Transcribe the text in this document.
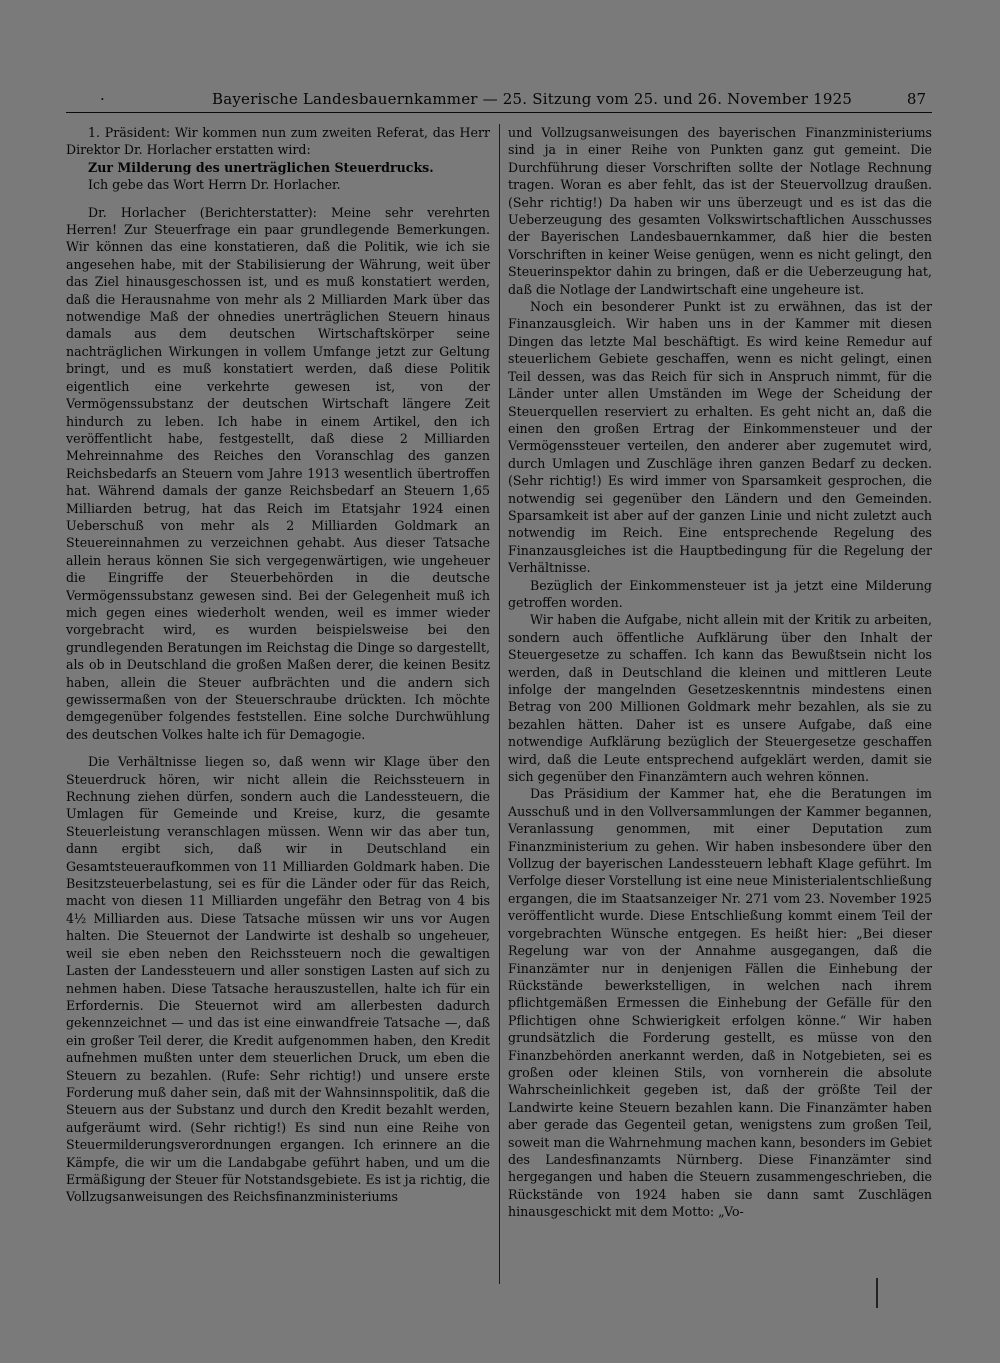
·	Bayerische Landesbauernkammer — 25. Sitzung vom 25. und 26. November 1925	87

1. Präsident: Wir kommen nun zum zweiten Referat, das Herr Direktor Dr. Horlacher erstatten wird:

Zur Milderung des unerträglichen Steuerdrucks.

Ich gebe das Wort Herrn Dr. Horlacher.

Dr. Horlacher (Berichterstatter): Meine sehr verehrten Herren! Zur Steuerfrage ein paar grundlegende Bemerkungen. Wir können das eine konstatieren, daß die Politik, wie ich sie angesehen habe, mit der Stabilisierung der Währung, weit über das Ziel hinausgeschossen ist, und es muß konstatiert werden, daß die Herausnahme von mehr als 2 Milliarden Mark über das notwendige Maß der ohnedies unerträglichen Steuern hinaus damals aus dem deutschen Wirtschaftskörper seine nachträglichen Wirkungen in vollem Umfange jetzt zur Geltung bringt, und es muß konstatiert werden, daß diese Politik eigentlich eine verkehrte gewesen ist, von der Vermögenssubstanz der deutschen Wirtschaft längere Zeit hindurch zu leben. Ich habe in einem Artikel, den ich veröffentlicht habe, festgestellt, daß diese 2 Milliarden Mehreinnahme des Reiches den Voranschlag des ganzen Reichsbedarfs an Steuern vom Jahre 1913 wesentlich übertroffen hat. Während damals der ganze Reichsbedarf an Steuern 1,65 Milliarden betrug, hat das Reich im Etatsjahr 1924 einen Ueberschuß von mehr als 2 Milliarden Goldmark an Steuereinnahmen zu verzeichnen gehabt. Aus dieser Tatsache allein heraus können Sie sich vergegenwärtigen, wie ungeheuer die Eingriffe der Steuerbehörden in die deutsche Vermögenssubstanz gewesen sind. Bei der Gelegenheit muß ich mich gegen eines wiederholt wenden, weil es immer wieder vorgebracht wird, es wurden beispielsweise bei den grundlegenden Beratungen im Reichstag die Dinge so dargestellt, als ob in Deutschland die großen Maßen derer, die keinen Besitz haben, allein die Steuer aufbrächten und die andern sich gewissermaßen von der Steuerschraube drückten. Ich möchte demgegenüber folgendes feststellen. Eine solche Durchwühlung des deutschen Volkes halte ich für Demagogie.

Die Verhältnisse liegen so, daß wenn wir Klage über den Steuerdruck hören, wir nicht allein die Reichssteuern in Rechnung ziehen dürfen, sondern auch die Landessteuern, die Umlagen für Gemeinde und Kreise, kurz, die gesamte Steuerleistung veranschlagen müssen. Wenn wir das aber tun, dann ergibt sich, daß wir in Deutschland ein Gesamtsteueraufkommen von 11 Milliarden Goldmark haben. Die Besitzsteuerbelastung, sei es für die Länder oder für das Reich, macht von diesen 11 Milliarden ungefähr den Betrag von 4 bis 4½ Milliarden aus. Diese Tatsache müssen wir uns vor Augen halten. Die Steuernot der Landwirte ist deshalb so ungeheuer, weil sie eben neben den Reichssteuern noch die gewaltigen Lasten der Landessteuern und aller sonstigen Lasten auf sich zu nehmen haben. Diese Tatsache herauszustellen, halte ich für ein Erfordernis. Die Steuernot wird am allerbesten dadurch gekennzeichnet — und das ist eine einwandfreie Tatsache —, daß ein großer Teil derer, die Kredit aufgenommen haben, den Kredit aufnehmen mußten unter dem steuerlichen Druck, um eben die Steuern zu bezahlen. (Rufe: Sehr richtig!) und unsere erste Forderung muß daher sein, daß mit der Wahnsinnspolitik, daß die Steuern aus der Substanz und durch den Kredit bezahlt werden, aufgeräumt wird. (Sehr richtig!) Es sind nun eine Reihe von Steuermilderungsverordnungen ergangen. Ich erinnere an die Kämpfe, die wir um die Landabgabe geführt haben, und um die Ermäßigung der Steuer für Notstandsgebiete. Es ist ja richtig, die Vollzugsanweisungen des Reichsfinanzministeriums

und Vollzugsanweisungen des bayerischen Finanzministeriums sind ja in einer Reihe von Punkten ganz gut gemeint. Die Durchführung dieser Vorschriften sollte der Notlage Rechnung tragen. Woran es aber fehlt, das ist der Steuervollzug draußen. (Sehr richtig!) Da haben wir uns überzeugt und es ist das die Ueberzeugung des gesamten Volkswirtschaftlichen Ausschusses der Bayerischen Landesbauernkammer, daß hier die besten Vorschriften in keiner Weise genügen, wenn es nicht gelingt, den Steuerinspektor dahin zu bringen, daß er die Ueberzeugung hat, daß die Notlage der Landwirtschaft eine ungeheure ist.

Noch ein besonderer Punkt ist zu erwähnen, das ist der Finanzausgleich. Wir haben uns in der Kammer mit diesen Dingen das letzte Mal beschäftigt. Es wird keine Remedur auf steuerlichem Gebiete geschaffen, wenn es nicht gelingt, einen Teil dessen, was das Reich für sich in Anspruch nimmt, für die Länder unter allen Umständen im Wege der Scheidung der Steuerquellen reserviert zu erhalten. Es geht nicht an, daß die einen den großen Ertrag der Einkommensteuer und der Vermögenssteuer verteilen, den anderer aber zugemutet wird, durch Umlagen und Zuschläge ihren ganzen Bedarf zu decken. (Sehr richtig!) Es wird immer von Sparsamkeit gesprochen, die notwendig sei gegenüber den Ländern und den Gemeinden. Sparsamkeit ist aber auf der ganzen Linie und nicht zuletzt auch notwendig im Reich. Eine entsprechende Regelung des Finanzausgleiches ist die Hauptbedingung für die Regelung der Verhältnisse.

Bezüglich der Einkommensteuer ist ja jetzt eine Milderung getroffen worden.

Wir haben die Aufgabe, nicht allein mit der Kritik zu arbeiten, sondern auch öffentliche Aufklärung über den Inhalt der Steuergesetze zu schaffen. Ich kann das Bewußtsein nicht los werden, daß in Deutschland die kleinen und mittleren Leute infolge der mangelnden Gesetzeskenntnis mindestens einen Betrag von 200 Millionen Goldmark mehr bezahlen, als sie zu bezahlen hätten. Daher ist es unsere Aufgabe, daß eine notwendige Aufklärung bezüglich der Steuergesetze geschaffen wird, daß die Leute entsprechend aufgeklärt werden, damit sie sich gegenüber den Finanzämtern auch wehren können.

Das Präsidium der Kammer hat, ehe die Beratungen im Ausschuß und in den Vollversammlungen der Kammer begannen, Veranlassung genommen, mit einer Deputation zum Finanzministerium zu gehen. Wir haben insbesondere über den Vollzug der bayerischen Landessteuern lebhaft Klage geführt. Im Verfolge dieser Vorstellung ist eine neue Ministerialentschließung ergangen, die im Staatsanzeiger Nr. 271 vom 23. November 1925 veröffentlicht wurde. Diese Entschließung kommt einem Teil der vorgebrachten Wünsche entgegen. Es heißt hier: „Bei dieser Regelung war von der Annahme ausgegangen, daß die Finanzämter nur in denjenigen Fällen die Einhebung der Rückstände bewerkstelligen, in welchen nach ihrem pflichtgemäßen Ermessen die Einhebung der Gefälle für den Pflichtigen ohne Schwierigkeit erfolgen könne.“ Wir haben grundsätzlich die Forderung gestellt, es müsse von den Finanzbehörden anerkannt werden, daß in Notgebieten, sei es großen oder kleinen Stils, von vornherein die absolute Wahrscheinlichkeit gegeben ist, daß der größte Teil der Landwirte keine Steuern bezahlen kann. Die Finanzämter haben aber gerade das Gegenteil getan, wenigstens zum großen Teil, soweit man die Wahrnehmung machen kann, besonders im Gebiet des Landesfinanzamts Nürnberg. Diese Finanzämter sind hergegangen und haben die Steuern zusammengeschrieben, die Rückstände von 1924 haben sie dann samt Zuschlägen hinausgeschickt mit dem Motto: „Vo-
